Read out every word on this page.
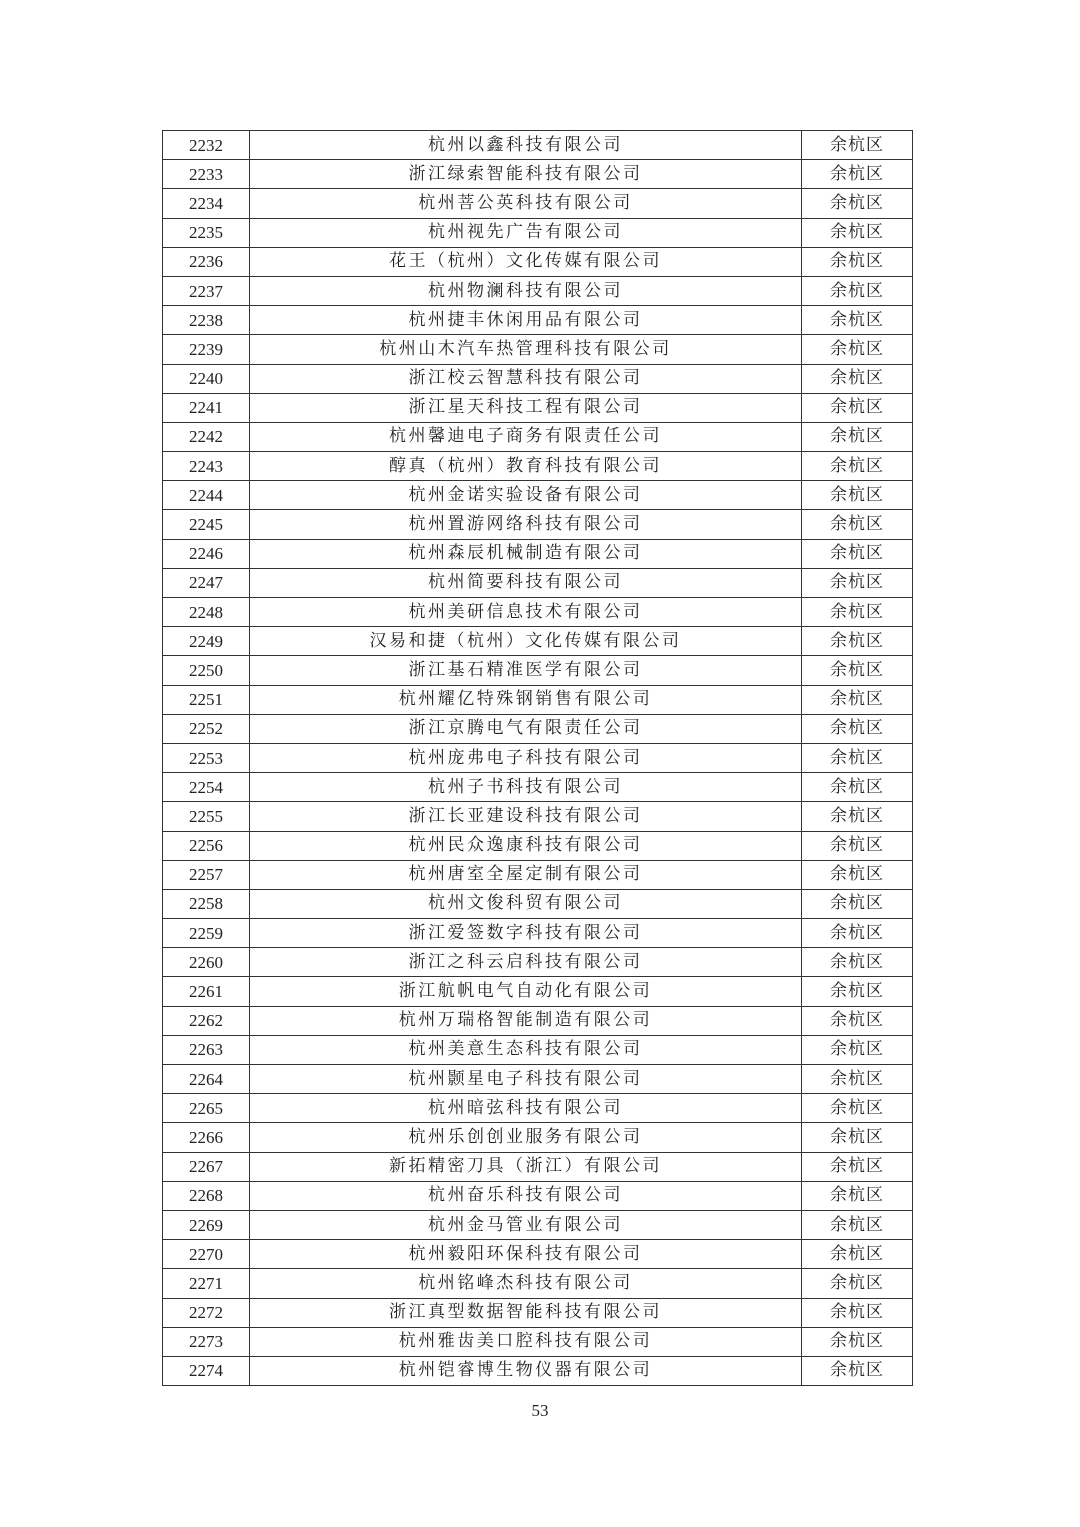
2232	杭州以鑫科技有限公司	余杭区
2233	浙江绿索智能科技有限公司	余杭区
2234	杭州菩公英科技有限公司	余杭区
2235	杭州视先广告有限公司	余杭区
2236	花王（杭州）文化传媒有限公司	余杭区
2237	杭州物澜科技有限公司	余杭区
2238	杭州捷丰休闲用品有限公司	余杭区
2239	杭州山木汽车热管理科技有限公司	余杭区
2240	浙江校云智慧科技有限公司	余杭区
2241	浙江星天科技工程有限公司	余杭区
2242	杭州馨迪电子商务有限责任公司	余杭区
2243	醇真（杭州）教育科技有限公司	余杭区
2244	杭州金诺实验设备有限公司	余杭区
2245	杭州置游网络科技有限公司	余杭区
2246	杭州森辰机械制造有限公司	余杭区
2247	杭州简要科技有限公司	余杭区
2248	杭州美研信息技术有限公司	余杭区
2249	汉易和捷（杭州）文化传媒有限公司	余杭区
2250	浙江基石精准医学有限公司	余杭区
2251	杭州耀亿特殊钢销售有限公司	余杭区
2252	浙江京腾电气有限责任公司	余杭区
2253	杭州庞弗电子科技有限公司	余杭区
2254	杭州子书科技有限公司	余杭区
2255	浙江长亚建设科技有限公司	余杭区
2256	杭州民众逸康科技有限公司	余杭区
2257	杭州唐室全屋定制有限公司	余杭区
2258	杭州文俊科贸有限公司	余杭区
2259	浙江爱签数字科技有限公司	余杭区
2260	浙江之科云启科技有限公司	余杭区
2261	浙江航帆电气自动化有限公司	余杭区
2262	杭州万瑞格智能制造有限公司	余杭区
2263	杭州美意生态科技有限公司	余杭区
2264	杭州颢星电子科技有限公司	余杭区
2265	杭州暗弦科技有限公司	余杭区
2266	杭州乐创创业服务有限公司	余杭区
2267	新拓精密刀具（浙江）有限公司	余杭区
2268	杭州奋乐科技有限公司	余杭区
2269	杭州金马管业有限公司	余杭区
2270	杭州毅阳环保科技有限公司	余杭区
2271	杭州铭峰杰科技有限公司	余杭区
2272	浙江真型数据智能科技有限公司	余杭区
2273	杭州雅齿美口腔科技有限公司	余杭区
2274	杭州铠睿博生物仪器有限公司	余杭区
53
